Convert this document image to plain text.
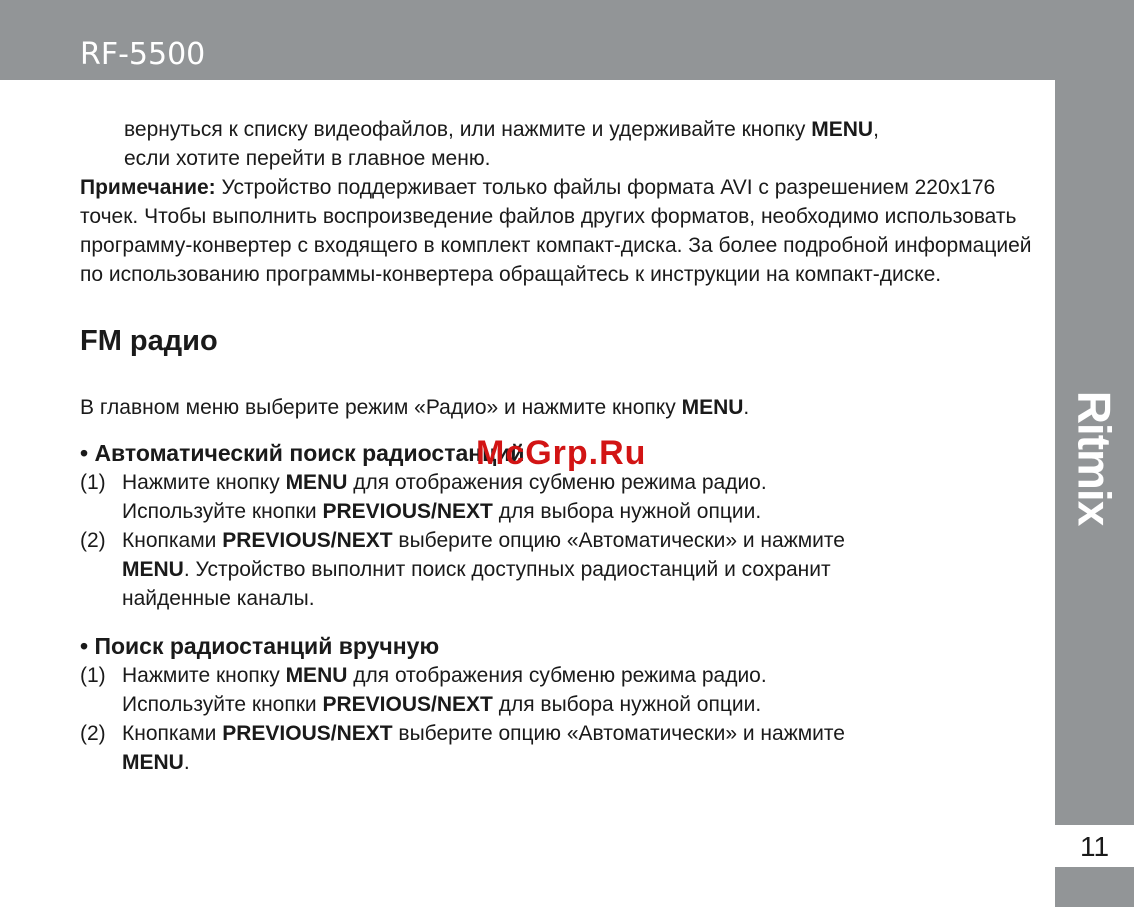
RF-5500
Ritmix
11

вернуться к списку видеофайлов, или нажмите и удерживайте кнопку MENU,

если хотите перейти в главное меню.

Примечание: Устройство поддерживает только файлы формата AVI с разрешением 220x176 точек. Чтобы выполнить воспроизведение файлов других форматов, необходимо использовать программу-конвертер с входящего в комплект компакт-диска. За более подробной информацией по использованию программы-конвертера обращайтесь к инструкции на компакт-диске.

FM радио

В главном меню выберите режим «Радио» и нажмите кнопку MENU.

• Автоматический поиск радиостанций
(1) Нажмите кнопку MENU для отображения субменю режима радио.
Используйте кнопки PREVIOUS/NEXT для выбора нужной опции.
(2) Кнопками PREVIOUS/NEXT выберите опцию «Автоматически» и нажмите
MENU. Устройство выполнит поиск доступных радиостанций и сохранит
найденные каналы.
• Поиск радиостанций вручную
(1) Нажмите кнопку MENU для отображения субменю режима радио.
Используйте кнопки PREVIOUS/NEXT для выбора нужной опции.
(2) Кнопками PREVIOUS/NEXT выберите опцию «Автоматически» и нажмите
MENU.
McGrp.Ru
